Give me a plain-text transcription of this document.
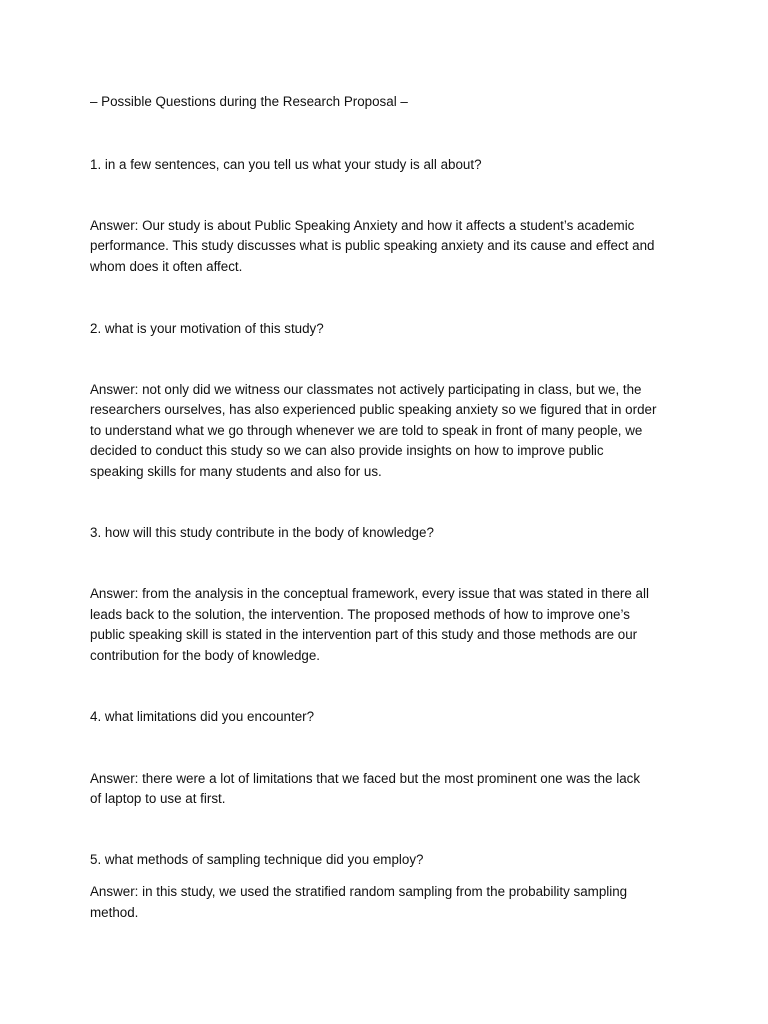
– Possible Questions during the Research Proposal –

1. in a few sentences, can you tell us what your study is all about?

Answer: Our study is about Public Speaking Anxiety and how it affects a student’s academic

performance. This study discusses what is public speaking anxiety and its cause and effect and

whom does it often affect.

2. what is your motivation of this study?

Answer: not only did we witness our classmates not actively participating in class, but we, the

researchers ourselves, has also experienced public speaking anxiety so we figured that in order

to understand what we go through whenever we are told to speak in front of many people, we

decided to conduct this study so we can also provide insights on how to improve public

speaking skills for many students and also for us.

3. how will this study contribute in the body of knowledge?

Answer: from the analysis in the conceptual framework, every issue that was stated in there all

leads back to the solution, the intervention. The proposed methods of how to improve one’s

public speaking skill is stated in the intervention part of this study and those methods are our

contribution for the body of knowledge.

4. what limitations did you encounter?

Answer: there were a lot of limitations that we faced but the most prominent one was the lack

of laptop to use at first.

5. what methods of sampling technique did you employ?

Answer: in this study, we used the stratified random sampling from the probability sampling

method.
